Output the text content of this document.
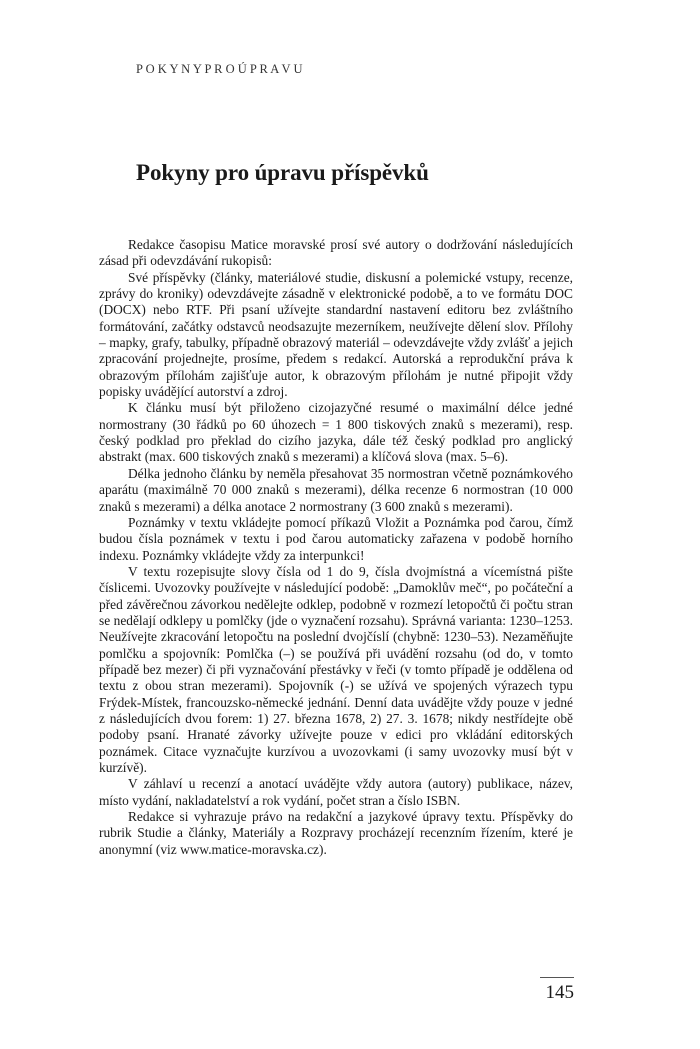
P O K Y N Y P R O Ú P R A V U
Pokyny pro úpravu příspěvků

Redakce časopisu Matice moravské prosí své autory o dodržování následujících zásad při odevzdávání rukopisů:

Své příspěvky (články, materiálové studie, diskusní a polemické vstupy, recenze, zprávy do kroniky) odevzdávejte zásadně v elektronické podobě, a to ve formátu DOC (DOCX) nebo RTF. Při psaní užívejte standardní nastavení editoru bez zvláštního formátování, začátky odstavců neodsazujte mezerníkem, neužívejte dělení slov. Přílohy – mapky, grafy, tabulky, případně obrazový materiál – odevzdávejte vždy zvlášť a jejich zpracování projednejte, prosíme, předem s redakcí. Autorská a reprodukční práva k obrazovým přílohám zajišťuje autor, k obrazovým přílohám je nutné připojit vždy popisky uvádějící autorství a zdroj.

K článku musí být přiloženo cizojazyčné resumé o maximální délce jedné normostrany (30 řádků po 60 úhozech = 1 800 tiskových znaků s mezerami), resp. český podklad pro překlad do cizího jazyka, dále též český podklad pro anglický abstrakt (max. 600 tiskových znaků s mezerami) a klíčová slova (max. 5–6).

Délka jednoho článku by neměla přesahovat 35 normostran včetně poznámkového aparátu (maximálně 70 000 znaků s mezerami), délka recenze 6 normostran (10 000 znaků s mezerami) a délka anotace 2 normostrany (3 600 znaků s mezerami).

Poznámky v textu vkládejte pomocí příkazů Vložit a Poznámka pod čarou, čímž budou čísla poznámek v textu i pod čarou automaticky zařazena v podobě horního indexu. Poznámky vkládejte vždy za interpunkci!

V textu rozepisujte slovy čísla od 1 do 9, čísla dvojmístná a vícemístná pište číslicemi. Uvozovky používejte v následující podobě: „Damoklův meč“, po počáteční a před závěrečnou závorkou nedělejte odklep, podobně v rozmezí letopočtů či počtu stran se nedělají odklepy u pomlčky (jde o vyznačení rozsahu). Správná varianta: 1230–1253. Neužívejte zkracování letopočtu na poslední dvojčíslí (chybně: 1230–53). Nezaměňujte pomlčku a spojovník: Pomlčka (–) se používá při uvádění rozsahu (od do, v tomto případě bez mezer) či při vyznačování přestávky v řeči (v tomto případě je oddělena od textu z obou stran mezerami). Spojovník (-) se užívá ve spojených výrazech typu Frýdek-Místek, francouzsko-německé jednání. Denní data uvádějte vždy pouze v jedné z následujících dvou forem: 1) 27. března 1678, 2) 27. 3. 1678; nikdy nestřídejte obě podoby psaní. Hranaté závorky užívejte pouze v edici pro vkládání editorských poznámek. Citace vyznačujte kurzívou a uvozovkami (i samy uvozovky musí být v kurzívě).

V záhlaví u recenzí a anotací uvádějte vždy autora (autory) publikace, název, místo vydání, nakladatelství a rok vydání, počet stran a číslo ISBN.

Redakce si vyhrazuje právo na redakční a jazykové úpravy textu. Příspěvky do rubrik Studie a články, Materiály a Rozpravy procházejí recenzním řízením, které je anonymní (viz www.matice-moravska.cz).

145
